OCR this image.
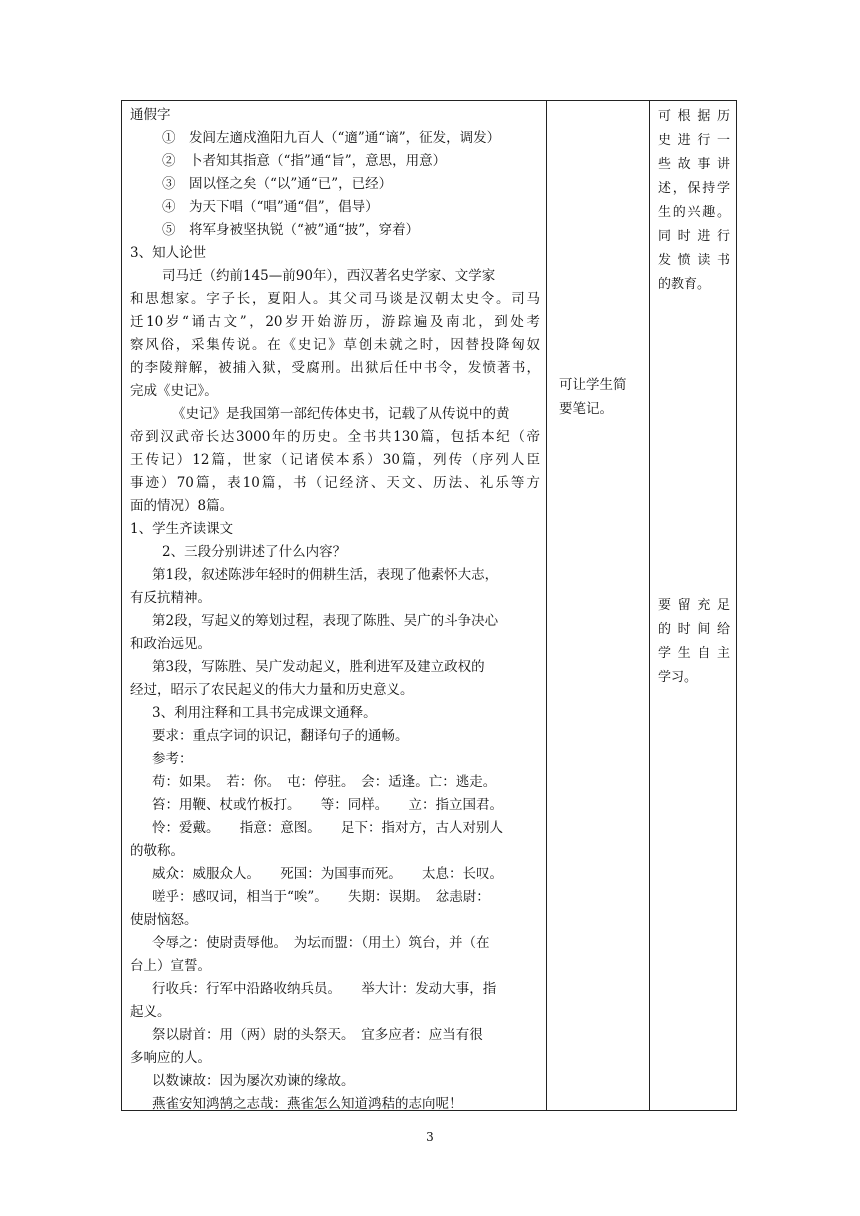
通假字
①　发闾左適戍渔阳九百人（“適”通“谪”，征发，调发）
②　卜者知其指意（“指”通“旨”，意思，用意）
③　固以怪之矣（“以”通“已”，已经）
④　为天下唱（“唱”通“倡”，倡导）
⑤　将军身被坚执锐（“被”通“披”，穿着）
3、知人论世
司马迁（约前145—前90年），西汉著名史学家、文学家
和思想家。字子长，夏阳人。其父司马谈是汉朝太史令。司马
迁10岁“诵古文”，20岁开始游历，游踪遍及南北，到处考
察风俗，采集传说。在《史记》草创未就之时，因替投降匈奴
的李陵辩解，被捕入狱，受腐刑。出狱后任中书令，发愤著书，
完成《史记》。
《史记》是我国第一部纪传体史书，记载了从传说中的黄
帝到汉武帝长达3000年的历史。全书共130篇，包括本纪（帝
王传记）12篇，世家（记诸侯本系）30篇，列传（序列人臣
事迹）70篇，表10篇，书（记经济、天文、历法、礼乐等方
面的情况）8篇。
1、学生齐读课文
2、三段分别讲述了什么内容？
第1段，叙述陈涉年轻时的佣耕生活，表现了他素怀大志，
有反抗精神。
第2段，写起义的筹划过程，表现了陈胜、吴广的斗争决心
和政治远见。
第3段，写陈胜、吴广发动起义，胜利进军及建立政权的
经过，昭示了农民起义的伟大力量和历史意义。
3、利用注释和工具书完成课文通释。
要求：重点字词的识记，翻译句子的通畅。
参考：
苟：如果。　若：你。　屯：停驻。　会：适逢。亡：逃走。
笞：用鞭、杖或竹板打。　　等：同样。　　立：指立国君。
怜：爱戴。　　指意：意图。　　足下：指对方，古人对别人
的敬称。
威众：威服众人。　　死国：为国事而死。　　太息：长叹。
嗟乎：感叹词，相当于“唉”。　　失期：误期。　忿恚尉：
使尉恼怒。
令辱之：使尉责辱他。　为坛而盟：（用土）筑台，并（在
台上）宣誓。
行收兵：行军中沿路收纳兵员。　　举大计：发动大事，指
起义。
祭以尉首：用（两）尉的头祭天。　宜多应者：应当有很
多响应的人。
以数谏故：因为屡次劝谏的缘故。
燕雀安知鸿鹄之志哉：燕雀怎么知道鸿秸的志向呢！
可让学生简
要笔记。
可根据历
史进行一
些故事讲
述，保持学
生的兴趣。
同时进行
发愤读书
的教育。
要留充足
的时间给
学生自主
学习。
3
